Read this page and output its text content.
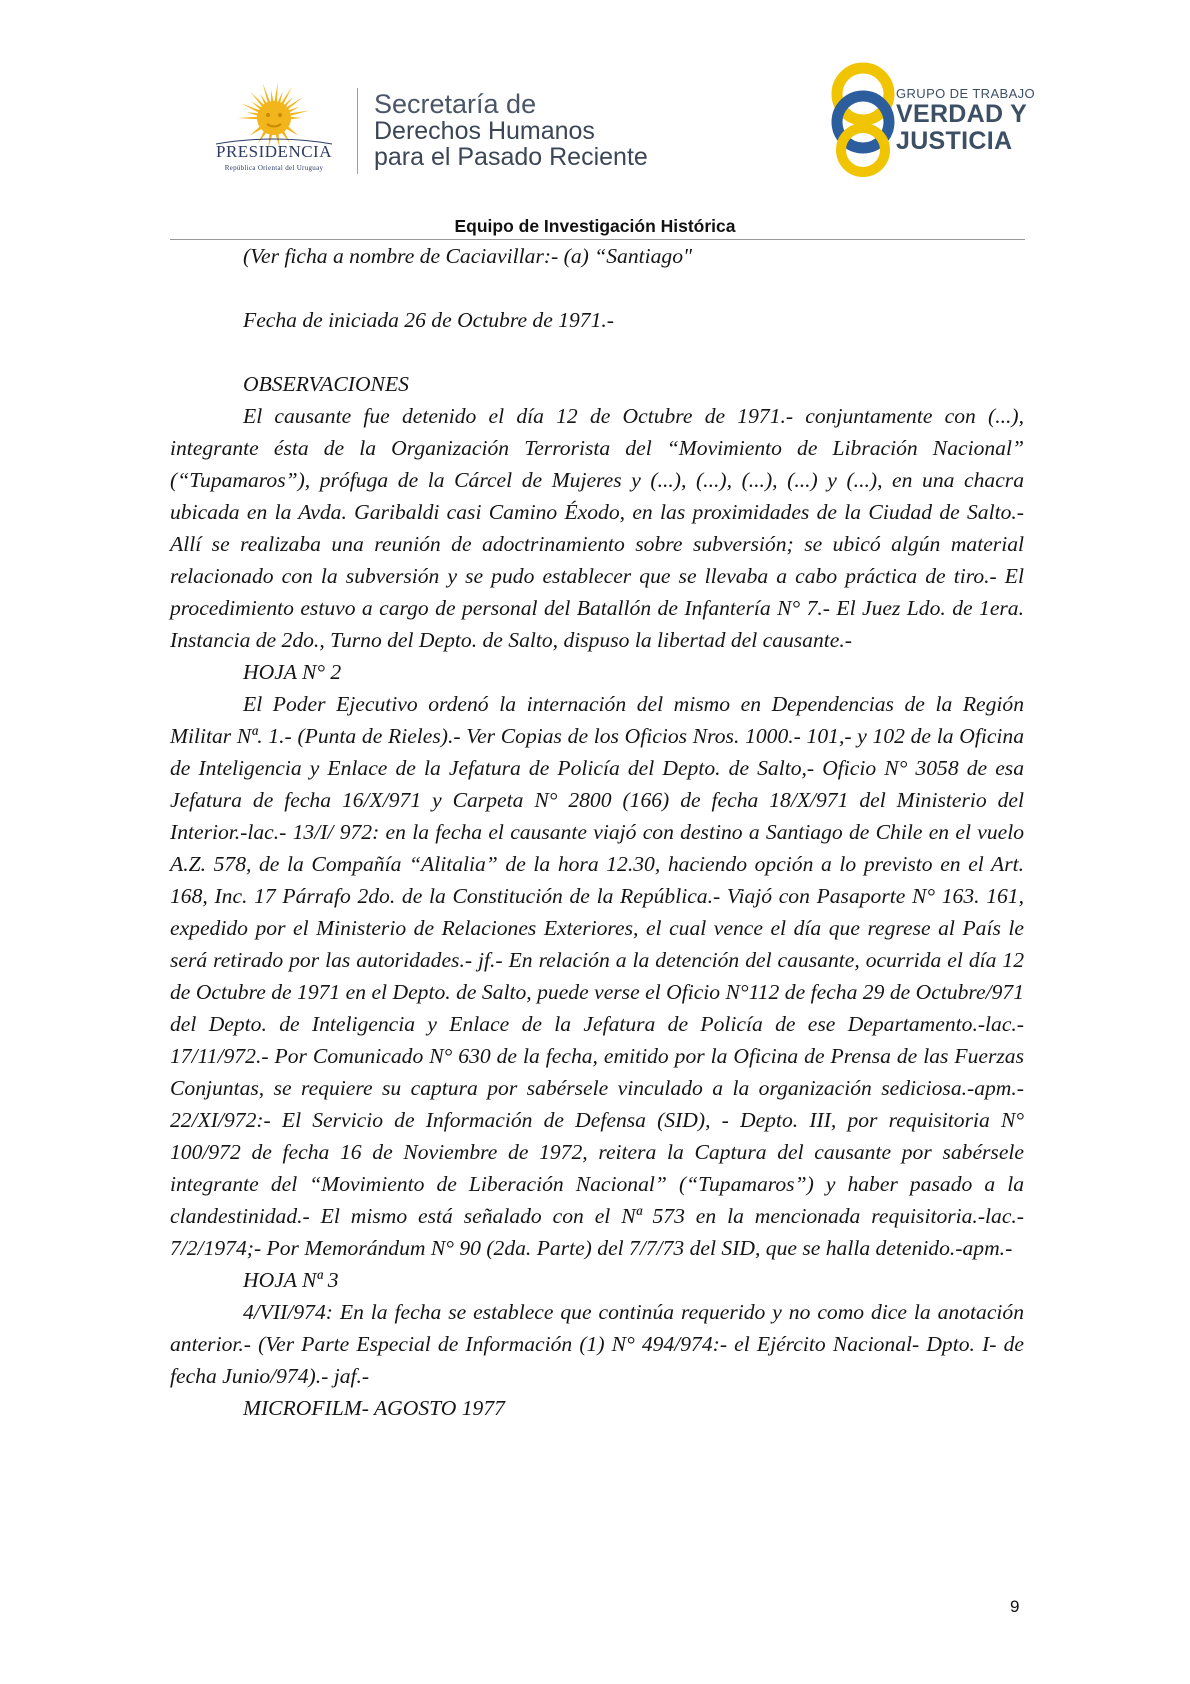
PRESIDENCIA
República Oriental del Uruguay
Secretaría de
Derechos Humanos
para el Pasado Reciente
GRUPO DE TRABAJO
VERDAD Y
JUSTICIA
Equipo de Investigación Histórica

(Ver ficha a nombre de Caciavillar:- (a) “Santiago"

Fecha de iniciada 26 de Octubre de 1971.-

OBSERVACIONES

El causante fue detenido el día 12 de Octubre de 1971.- conjuntamente con (...), integrante ésta de la Organización Terrorista del “Movimiento de Libración Nacional” (“Tupamaros”), prófuga de la Cárcel de Mujeres y (...), (...), (...), (...) y (...), en una chacra ubicada en la Avda. Garibaldi casi Camino Éxodo, en las proximidades de la Ciudad de Salto.- Allí se realizaba una reunión de adoctrinamiento sobre subversión; se ubicó algún material relacionado con la subversión y se pudo establecer que se llevaba a cabo práctica de tiro.- El procedimiento estuvo a cargo de personal del Batallón de Infantería N° 7.- El Juez Ldo. de 1era. Instancia de 2do., Turno del Depto. de Salto, dispuso la libertad del causante.-

HOJA N° 2

El Poder Ejecutivo ordenó la internación del mismo en Dependencias de la Región Militar Nª. 1.- (Punta de Rieles).- Ver Copias de los Oficios Nros. 1000.- 101,- y 102 de la Oficina de Inteligencia y Enlace de la Jefatura de Policía del Depto. de Salto,- Oficio N° 3058 de esa Jefatura de fecha 16/X/971 y Carpeta N° 2800 (166) de fecha 18/X/971 del Ministerio del Interior.-lac.- 13/I/ 972: en la fecha el causante viajó con destino a Santiago de Chile en el vuelo A.Z. 578, de la Compañía “Alitalia” de la hora 12.30, haciendo opción a lo previsto en el Art. 168, Inc. 17 Párrafo 2do. de la Constitución de la República.- Viajó con Pasaporte N° 163. 161, expedido por el Ministerio de Relaciones Exteriores, el cual vence el día que regrese al País le será retirado por las autoridades.- jf.- En relación a la detención del causante, ocurrida el día 12 de Octubre de 1971 en el Depto. de Salto, puede verse el Oficio N°112 de fecha 29 de Octubre/971 del Depto. de Inteligencia y Enlace de la Jefatura de Policía de ese Departamento.-lac.- 17/11/972.- Por Comunicado N° 630 de la fecha, emitido por la Oficina de Prensa de las Fuerzas Conjuntas, se requiere su captura por sabérsele vinculado a la organización sediciosa.-apm.- 22/XI/972:- El Servicio de Información de Defensa (SID), - Depto. III, por requisitoria N° 100/972 de fecha 16 de Noviembre de 1972, reitera la Captura del causante por sabérsele integrante del “Movimiento de Liberación Nacional” (“Tupamaros”) y haber pasado a la clandestinidad.- El mismo está señalado con el Nª 573 en la mencionada requisitoria.-lac.- 7/2/1974;- Por Memorándum N° 90 (2da. Parte) del 7/7/73 del SID, que se halla detenido.-apm.-

HOJA Nª 3

4/VII/974: En la fecha se establece que continúa requerido y no como dice la anotación anterior.- (Ver Parte Especial de Información (1) N° 494/974:- el Ejército Nacional- Dpto. I- de fecha Junio/974).- jaf.-

MICROFILM- AGOSTO 1977

9
